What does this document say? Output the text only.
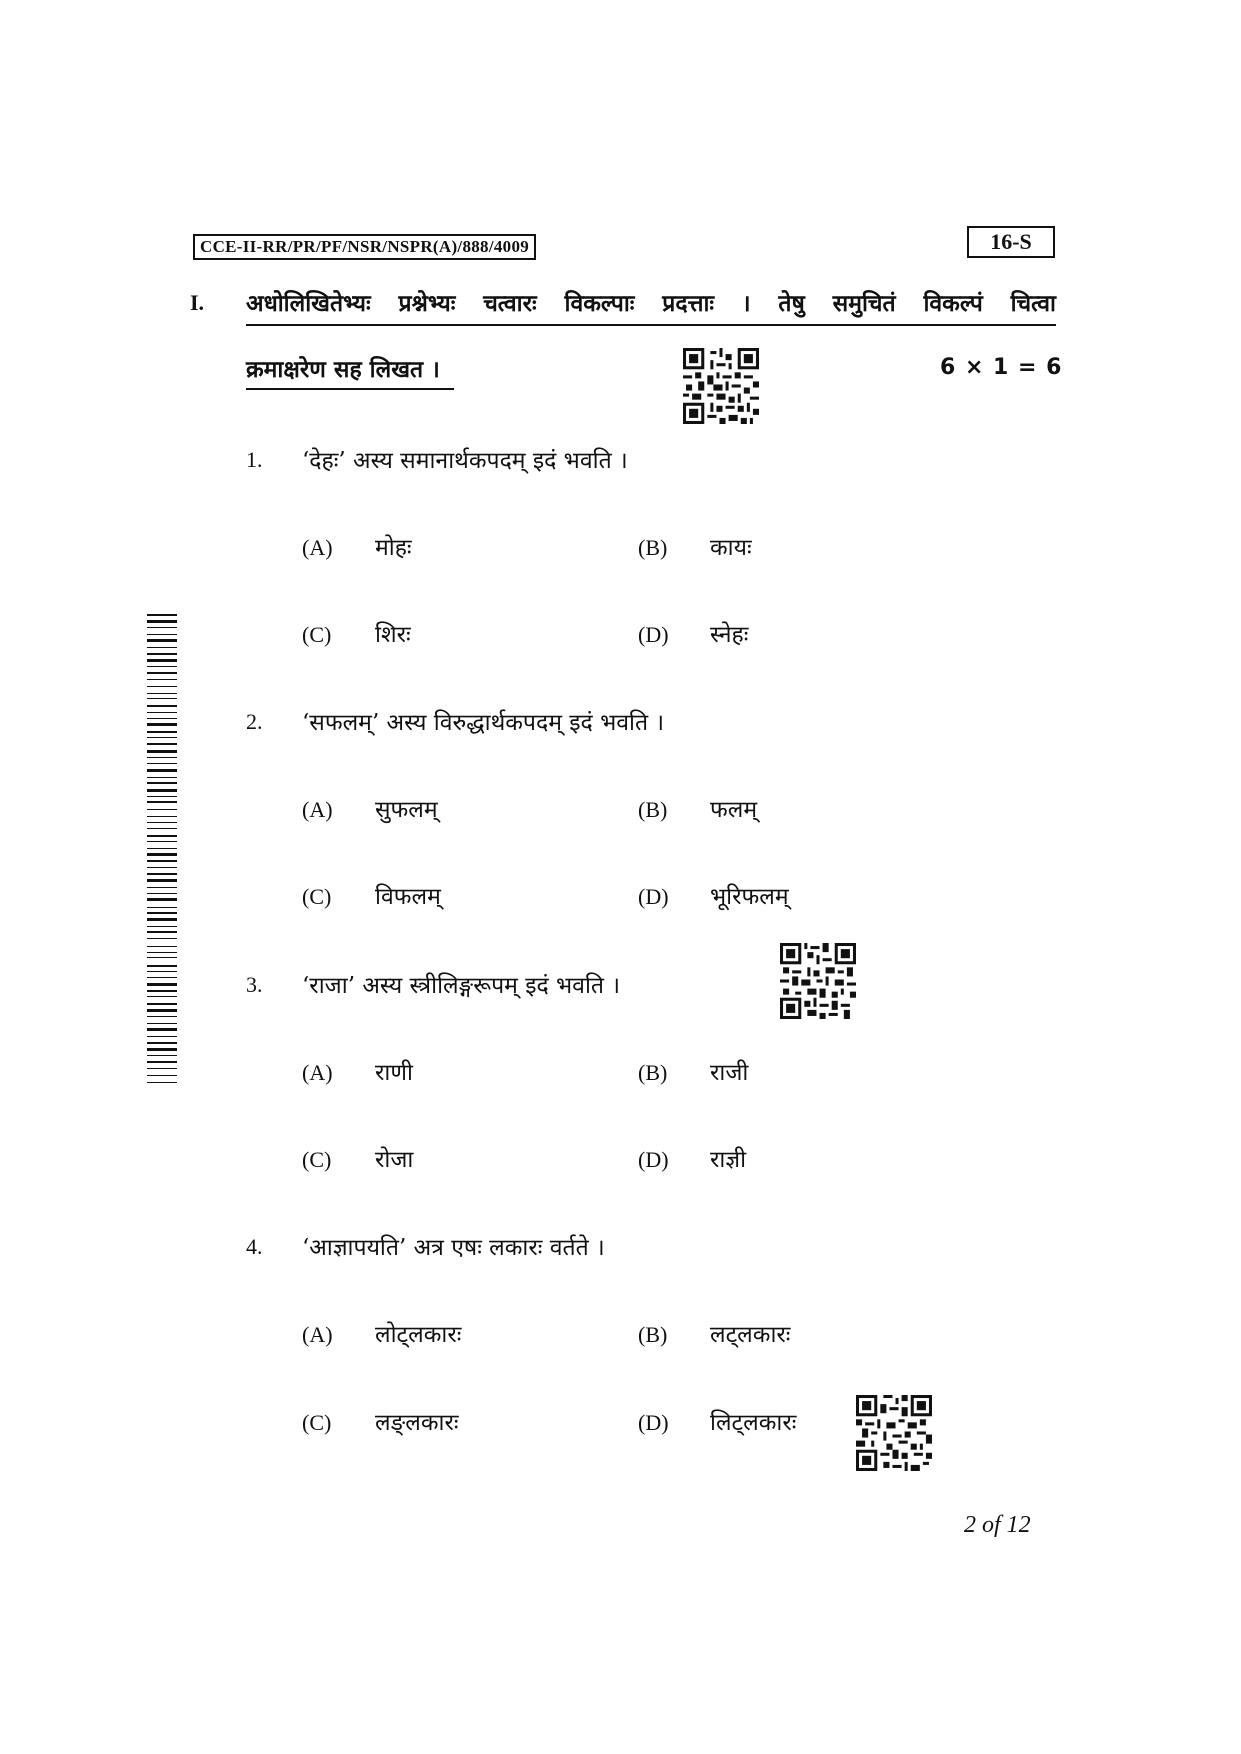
CCE-II-RR/PR/PF/NSR/NSPR(A)/888/4009	16-S
I. अधोलिखितेभ्यः प्रश्नेभ्यः चत्वारः विकल्पाः प्रदत्ताः । तेषु समुचितं विकल्पं चित्वा
क्रमाक्षरेण सह लिखत ।	6 × 1 = 6
1. ‘देहः’ अस्य समानार्थकपदम् इदं भवति ।
(A) मोहः	(B) कायः
(C) शिरः	(D) स्नेहः
2. ‘सफलम्’ अस्य विरुद्धार्थकपदम् इदं भवति ।
(A) सुफलम्	(B) फलम्
(C) विफलम्	(D) भूरिफलम्
3. ‘राजा’ अस्य स्त्रीलिङ्गरूपम् इदं भवति ।
(A) राणी	(B) राजी
(C) रोजा	(D) राज्ञी
4. ‘आज्ञापयति’ अत्र एषः लकारः वर्तते ।
(A) लोट्लकारः	(B) लट्लकारः
(C) लङ्लकारः	(D) लिट्लकारः
2 of 12
